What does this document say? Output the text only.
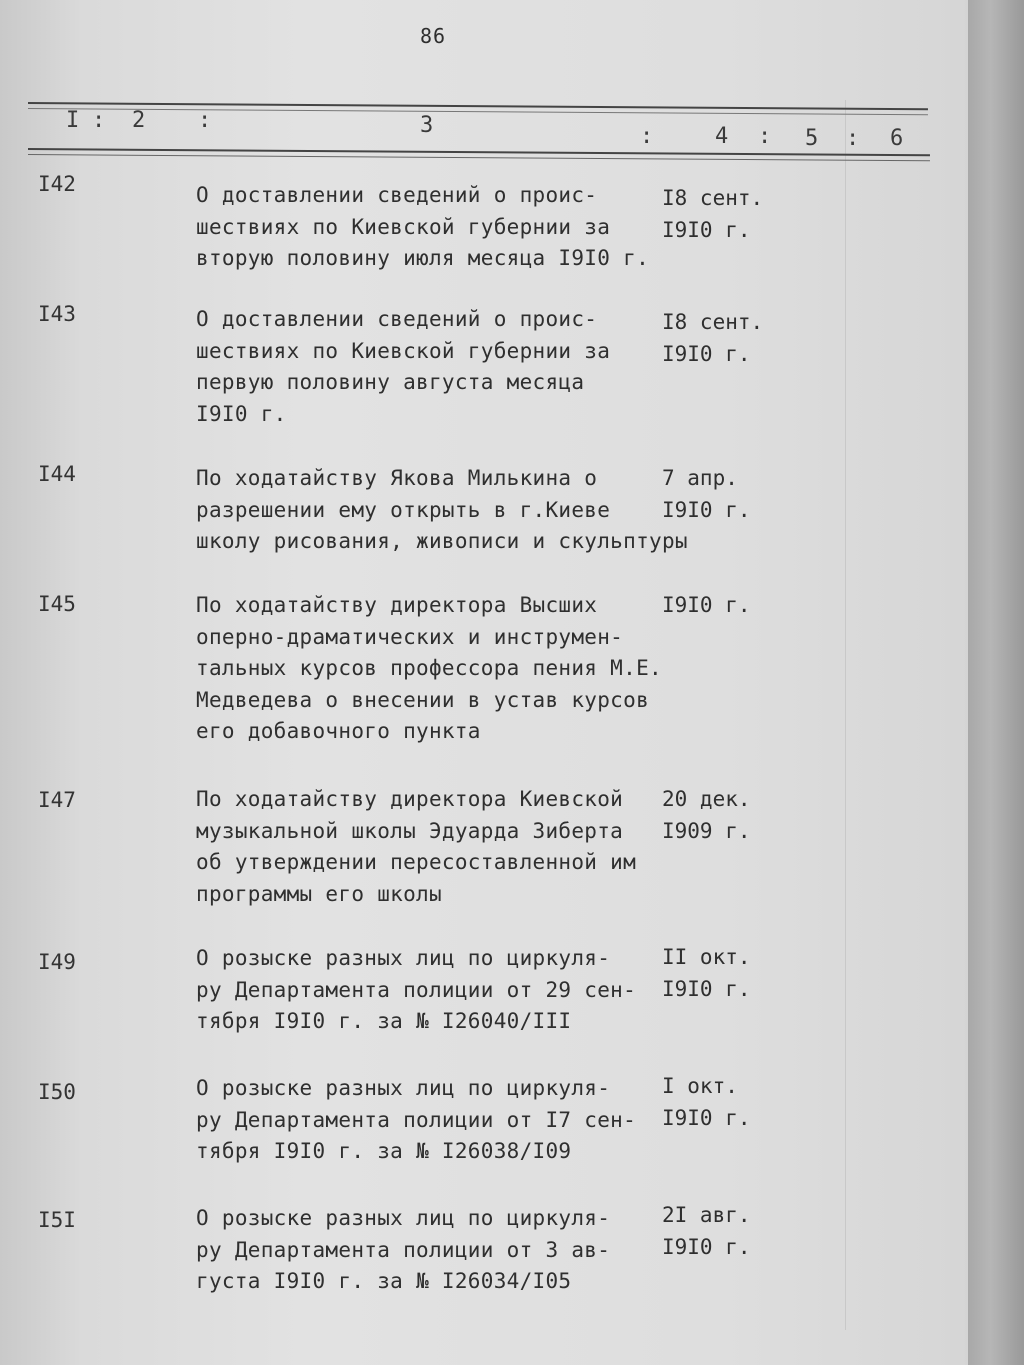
86
I : 2 :	3	:	4 : 5 : 6
I42	О доставлении сведений о проис-
шествиях по Киевской губернии за
вторую половину июля месяца I9I0 г.
I8 сент.
I9I0 г.
I43	О доставлении сведений о проис-
шествиях по Киевской губернии за
первую половину августа месяца
I9I0 г.
I8 сент.
I9I0 г.
I44	По ходатайству Якова Милькина о
разрешении ему открыть в г.Киеве
школу рисования, живописи и скульптуры
7 апр.
I9I0 г.
I45	По ходатайству директора Высших
оперно-драматических и инструмен-
тальных курсов профессора пения М.Е.
Медведева о внесении в устав курсов
его добавочного пункта
I9I0 г.
I47	По ходатайству директора Киевской
музыкальной школы Эдуарда Зиберта
об утверждении пересоставленной им
программы его школы
20 дек.
I909 г.
I49	О розыске разных лиц по циркуля-
ру Департамента полиции от 29 сен-
тября I9I0 г. за № I26040/III
II окт.
I9I0 г.
I50	О розыске разных лиц по циркуля-
ру Департамента полиции от I7 сен-
тября I9I0 г. за № I26038/I09
I окт.
I9I0 г.
I5I	О розыске разных лиц по циркуля-
ру Департамента полиции от 3 ав-
густа I9I0 г. за № I26034/I05
2I авг.
I9I0 г.
